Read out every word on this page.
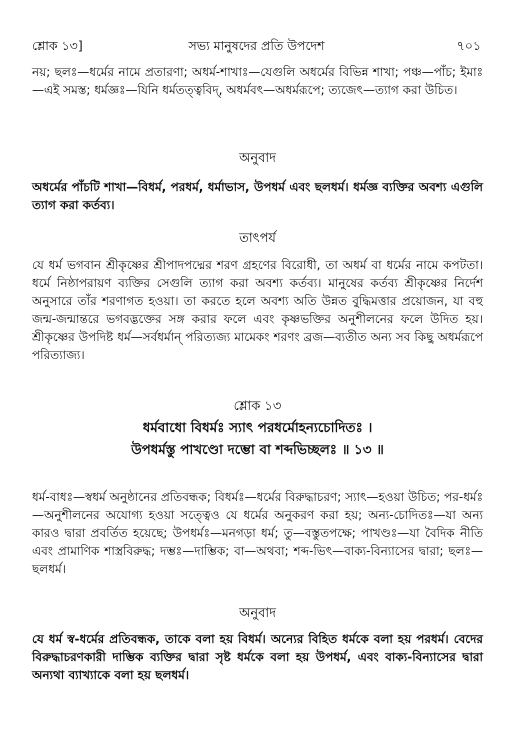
শ্লোক ১৩]	সভ্য মানুষদের প্রতি উপদেশ	৭০১
নয়; ছলঃ—ধর্মের নামে প্রতারণা; অধর্ম-শাখাঃ—যেগুলি অধর্মের বিভিন্ন শাখা; পঞ্চ—পাঁচ; ইমাঃ—এই সমস্ত; ধর্মজ্ঞঃ—যিনি ধর্মতত্ত্ববিদ্, অধর্মবৎ—অধর্মরূপে; ত্যজেৎ—ত্যাগ করা উচিত।
অনুবাদ
অধর্মের পাঁচটি শাখা—বিধর্ম, পরধর্ম, ধর্মাভাস, উপধর্ম এবং ছলধর্ম। ধর্মজ্ঞ ব্যক্তির অবশ্য এগুলি ত্যাগ করা কর্তব্য।
তাৎপর্য
যে ধর্ম ভগবান শ্রীকৃষ্ণের শ্রীপাদপদ্মের শরণ গ্রহণের বিরোধী, তা অধর্ম বা ধর্মের নামে কপটতা। ধর্মে নিষ্ঠাপরায়ণ ব্যক্তির সেগুলি ত্যাগ করা অবশ্য কর্তব্য। মানুষের কর্তব্য শ্রীকৃষ্ণের নির্দেশ অনুসারে তাঁর শরণাগত হওয়া। তা করতে হলে অবশ্য অতি উন্নত বুদ্ধিমত্তার প্রয়োজন, যা বহু জন্ম-জন্মান্তরে ভগবদ্ভক্তের সঙ্গ করার ফলে এবং কৃষ্ণভক্তির অনুশীলনের ফলে উদিত হয়। শ্রীকৃষ্ণের উপদিষ্ট ধর্ম—সর্বধর্মান্ পরিত্যজ্য মামেকং শরণং ব্রজ—ব্যতীত অন্য সব কিছু অধর্মরূপে পরিত্যাজ্য।
শ্লোক ১৩
ধর্মবাধো বিধর্মঃ স্যাৎ পরধর্মোহন্যচোদিতঃ ।
উপধর্মস্তু পাখণ্ডো দম্ভো বা শব্দভিচ্ছলঃ ॥ ১৩ ॥
ধর্ম-বাধঃ—স্বধর্ম অনুষ্ঠানের প্রতিবন্ধক; বিধর্মঃ—ধর্মের বিরুদ্ধাচরণ; স্যাৎ—হওয়া উচিত; পর-ধর্মঃ—অনুশীলনের অযোগ্য হওয়া সত্ত্বেও যে ধর্মের অনুকরণ করা হয়; অন্য-চোদিতঃ—যা অন্য কারও দ্বারা প্রবর্তিত হয়েছে; উপধর্মঃ—মনগড়া ধর্ম; তু—বস্তুতপক্ষে; পাখণ্ডঃ—যা বৈদিক নীতি এবং প্রামাণিক শাস্ত্রবিরুদ্ধ; দম্ভঃ—দাম্ভিক; বা—অথবা; শব্দ-ভিৎ—বাক্য-বিন্যাসের দ্বারা; ছলঃ—ছলধর্ম।
অনুবাদ
যে ধর্ম স্ব-ধর্মের প্রতিবন্ধক, তাকে বলা হয় বিধর্ম। অন্যের বিহিত ধর্মকে বলা হয় পরধর্ম। বেদের বিরুদ্ধাচরণকারী দাম্ভিক ব্যক্তির দ্বারা সৃষ্ট ধর্মকে বলা হয় উপধর্ম, এবং বাক্য-বিন্যাসের দ্বারা অন্যথা ব্যাখ্যাকে বলা হয় ছলধর্ম।
